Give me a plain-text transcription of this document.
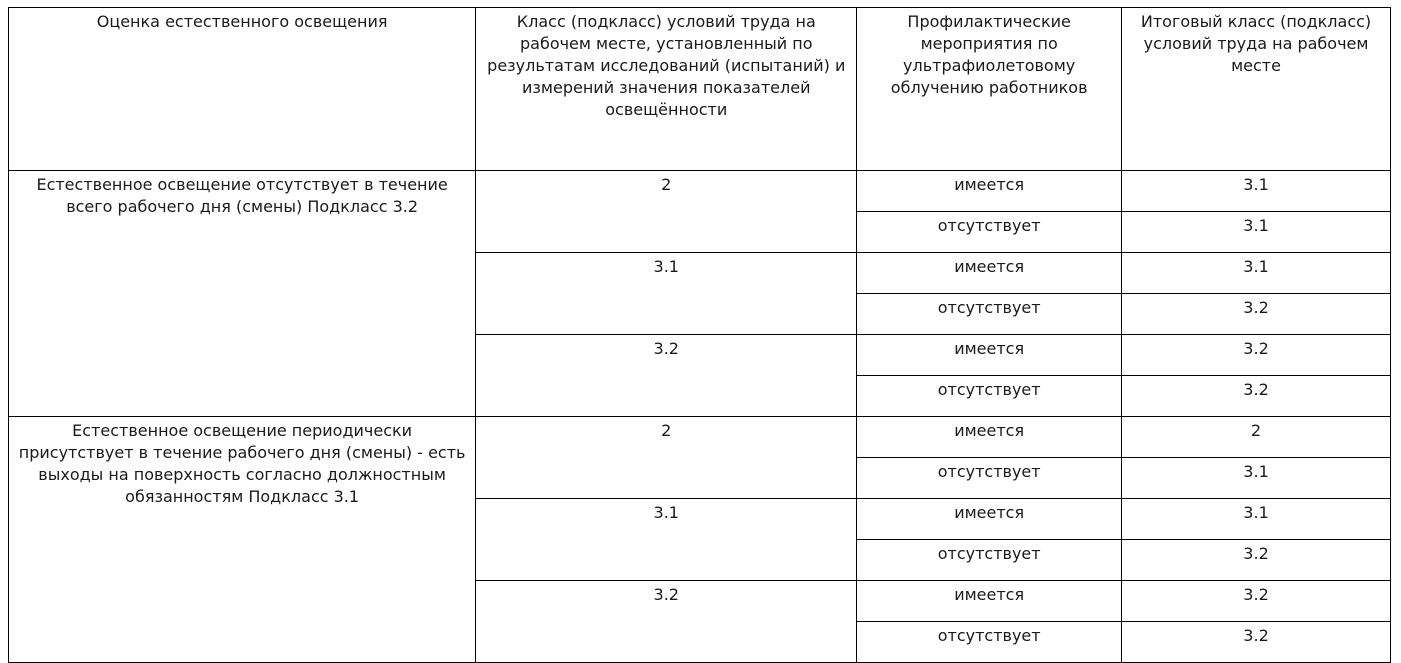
Оценка естественного освещения	Класс (подкласс) условий труда на рабочем месте, установленный по результатам исследований (испытаний) и измерений значения показателей освещённости	Профилактические мероприятия по ультрафиолетовому облучению работников	Итоговый класс (подкласс) условий труда на рабочем месте
Естественное освещение отсутствует в течение всего рабочего дня (смены) Подкласс 3.2	2	имеется	3.1
		отсутствует	3.1
	3.1	имеется	3.1
		отсутствует	3.2
	3.2	имеется	3.2
		отсутствует	3.2
Естественное освещение периодически присутствует в течение рабочего дня (смены) - есть выходы на поверхность согласно должностным обязанностям Подкласс 3.1	2	имеется	2
		отсутствует	3.1
	3.1	имеется	3.1
		отсутствует	3.2
	3.2	имеется	3.2
		отсутствует	3.2
